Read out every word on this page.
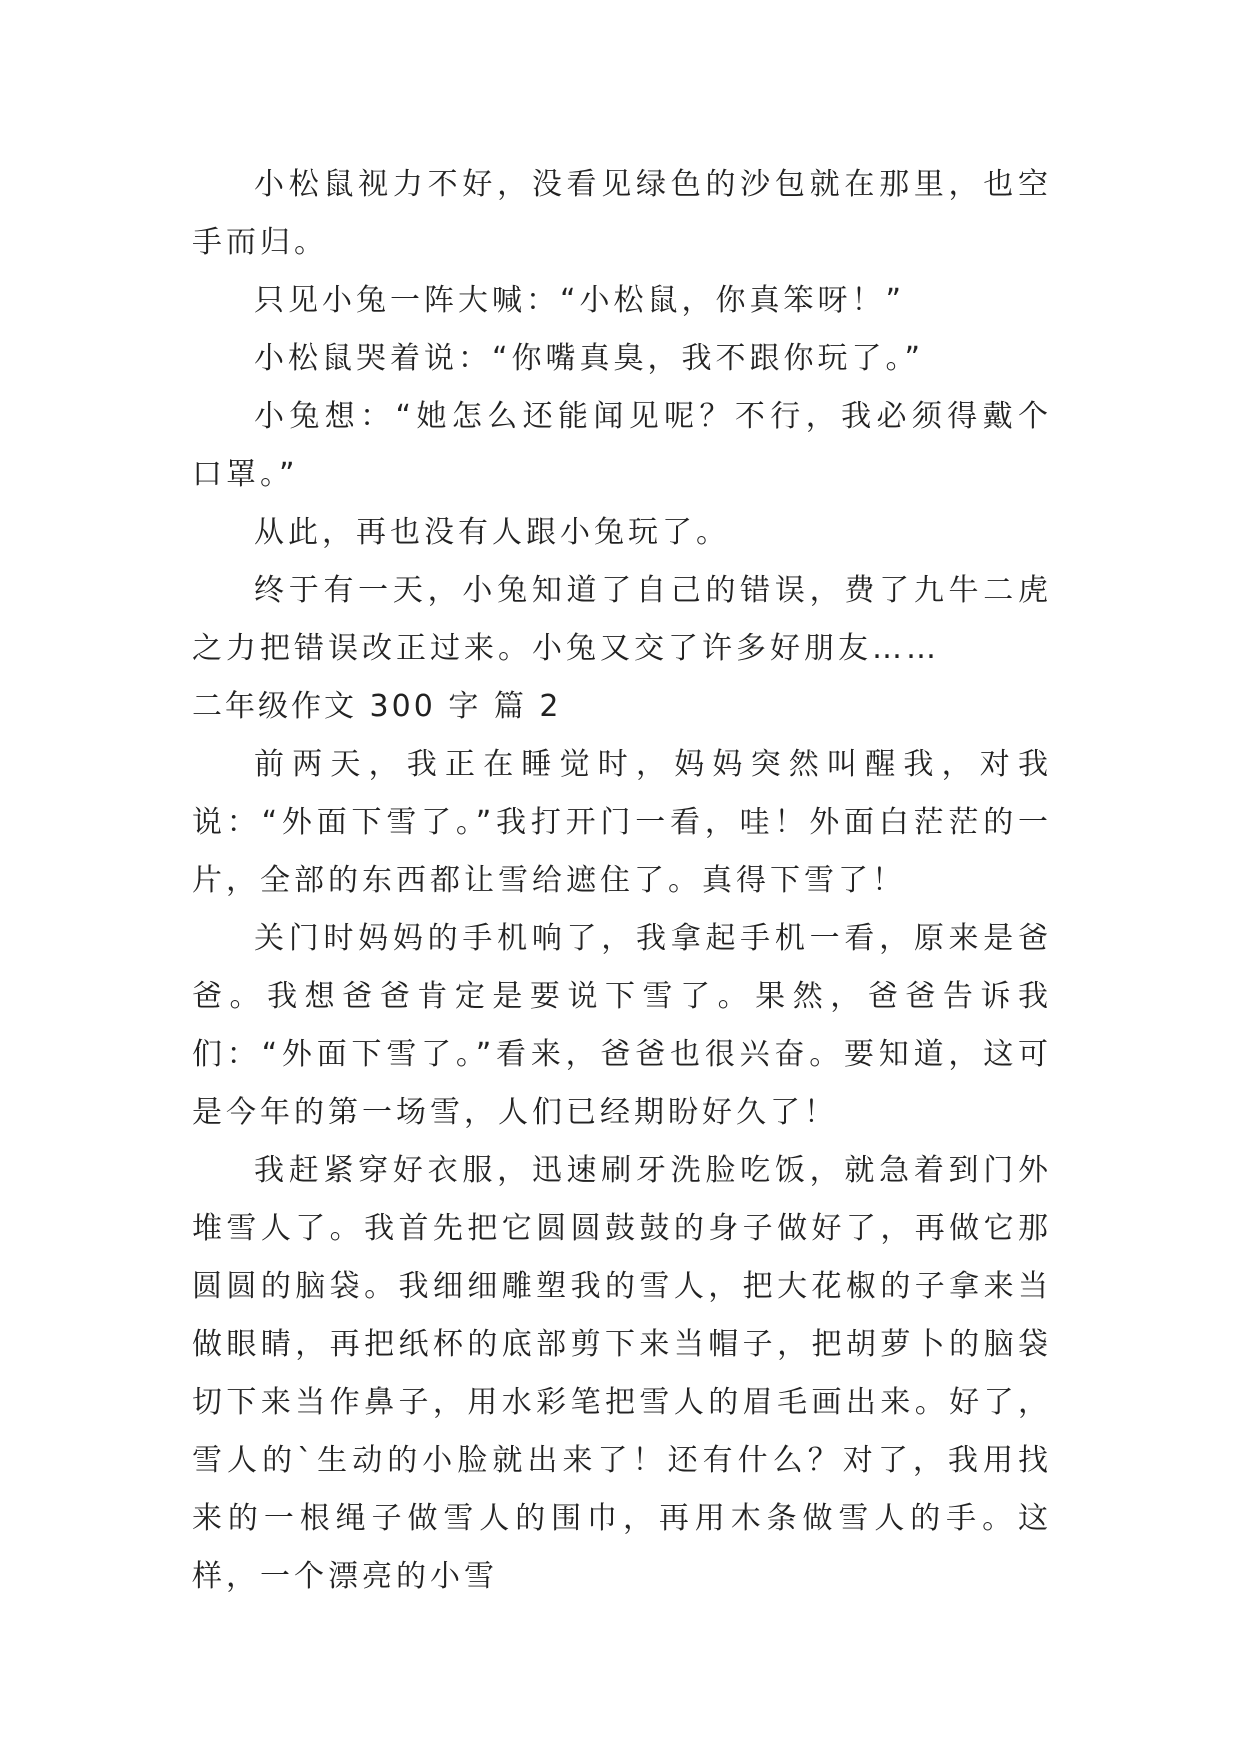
小松鼠视力不好，没看见绿色的沙包就在那里，也空手而归。

只见小兔一阵大喊：“小松鼠，你真笨呀！”

小松鼠哭着说：“你嘴真臭，我不跟你玩了。”

小兔想：“她怎么还能闻见呢？不行，我必须得戴个口罩。”

从此，再也没有人跟小兔玩了。

终于有一天，小兔知道了自己的错误，费了九牛二虎之力把错误改正过来。小兔又交了许多好朋友……

二年级作文 300 字 篇 2

前两天，我正在睡觉时，妈妈突然叫醒我，对我说：“外面下雪了。”我打开门一看，哇！外面白茫茫的一片，全部的东西都让雪给遮住了。真得下雪了！

关门时妈妈的手机响了，我拿起手机一看，原来是爸爸。我想爸爸肯定是要说下雪了。果然，爸爸告诉我们：“外面下雪了。”看来，爸爸也很兴奋。要知道，这可是今年的第一场雪，人们已经期盼好久了！

我赶紧穿好衣服，迅速刷牙洗脸吃饭，就急着到门外堆雪人了。我首先把它圆圆鼓鼓的身子做好了，再做它那圆圆的脑袋。我细细雕塑我的雪人，把大花椒的子拿来当做眼睛，再把纸杯的底部剪下来当帽子，把胡萝卜的脑袋切下来当作鼻子，用水彩笔把雪人的眉毛画出来。好了，雪人的`生动的小脸就出来了！还有什么？对了，我用找来的一根绳子做雪人的围巾，再用木条做雪人的手。这样，一个漂亮的小雪
